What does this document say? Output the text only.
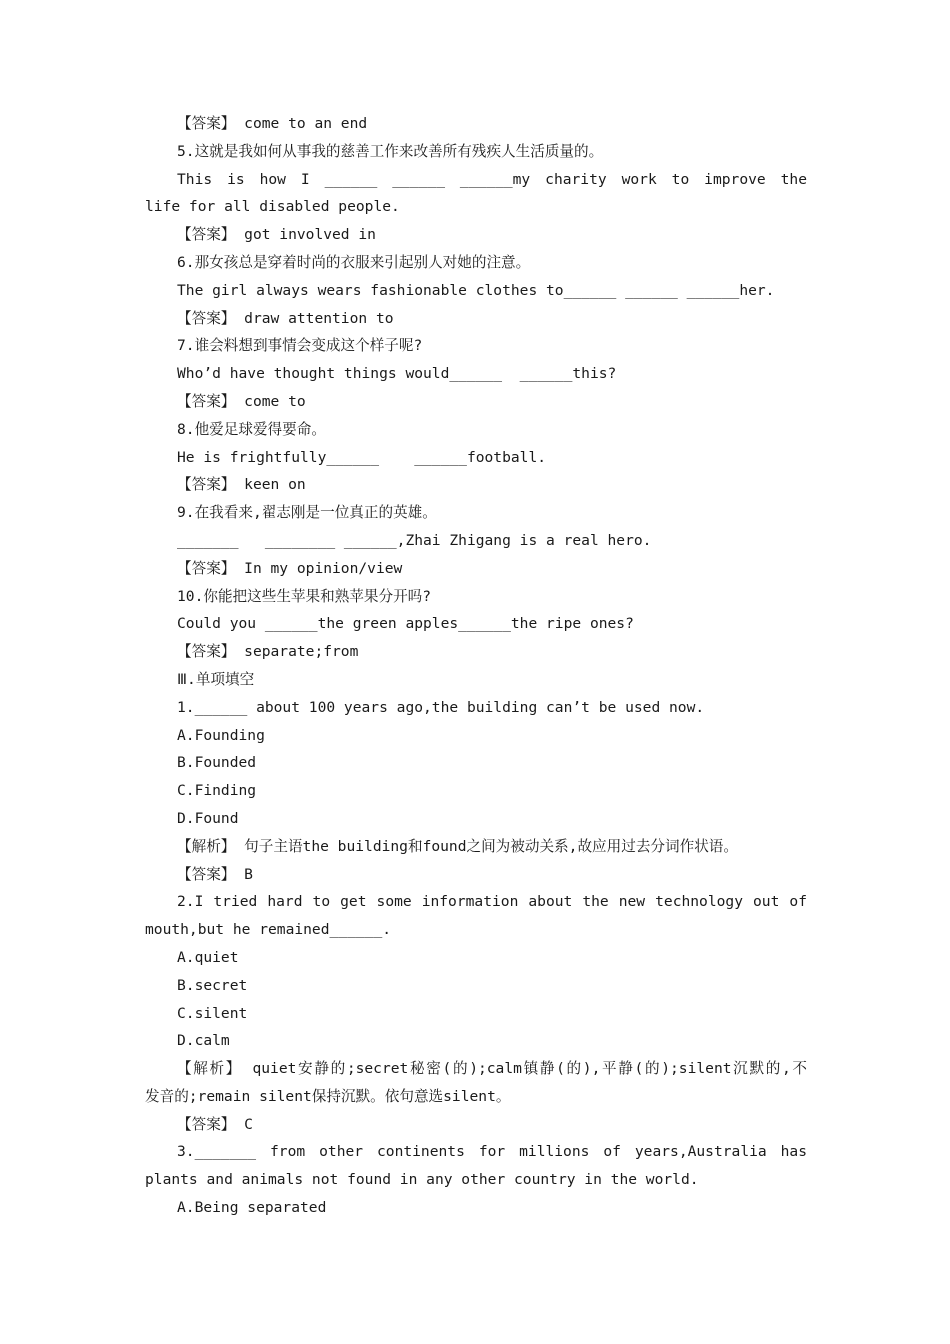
【答案】 come to an end
5.这就是我如何从事我的慈善工作来改善所有残疾人生活质量的。
This is how I ______ ______ ______my charity work to improve the
life for all disabled people.
【答案】 got involved in
6.那女孩总是穿着时尚的衣服来引起别人对她的注意。
The girl always wears fashionable clothes to______ ______ ______her.
【答案】 draw attention to
7.谁会料想到事情会变成这个样子呢?
Who’d have thought things would______  ______this?
【答案】 come to
8.他爱足球爱得要命。
He is frightfully______    ______football.
【答案】 keen on
9.在我看来,翟志刚是一位真正的英雄。
_______   ________ ______,Zhai Zhigang is a real hero.
【答案】 In my opinion/view
10.你能把这些生苹果和熟苹果分开吗?
Could you ______the green apples______the ripe ones?
【答案】 separate;from
Ⅲ.单项填空
1.______ about 100 years ago,the building can’t be used now.
A.Founding
B.Founded
C.Finding
D.Found
【解析】 句子主语the building和found之间为被动关系,故应用过去分词作状语。
【答案】 B
2.I tried hard to get some information about the new technology out of
mouth,but he remained______.
A.quiet
B.secret
C.silent
D.calm
【解析】 quiet安静的;secret秘密(的);calm镇静(的),平静(的);silent沉默的,不
发音的;remain silent保持沉默。依句意选silent。
【答案】 C
3._______ from other continents for millions of years,Australia has
plants and animals not found in any other country in the world.
A.Being separated
